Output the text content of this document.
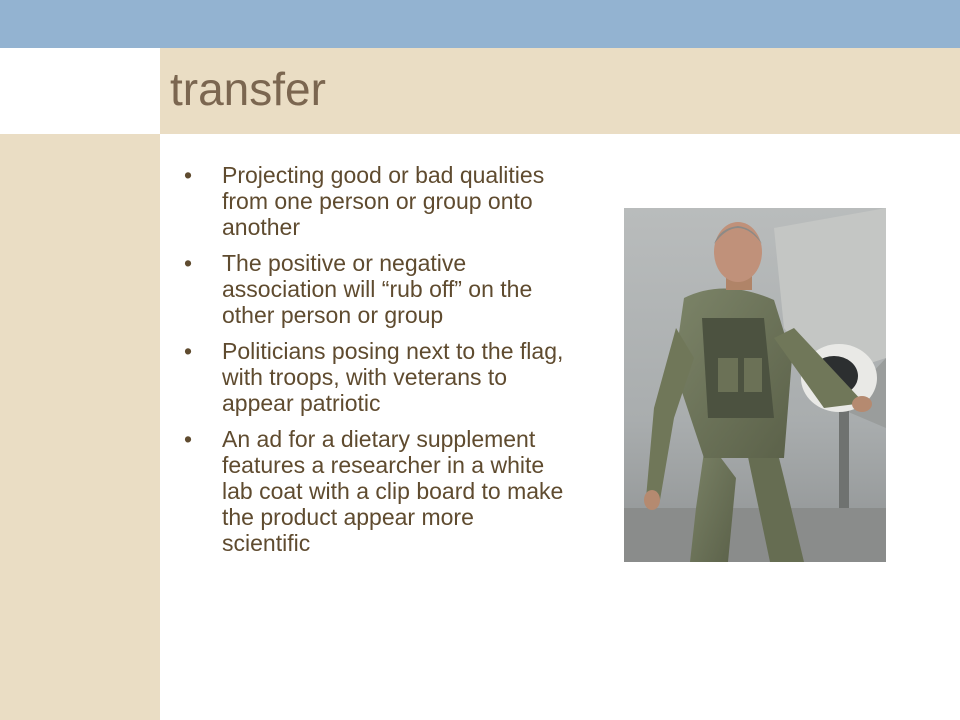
transfer
• Projecting good or bad qualities from one person or group onto another
• The positive or negative association will “rub off” on the other person or group
• Politicians posing next to the flag, with troops, with veterans to appear patriotic
• An ad for a dietary supplement features a researcher in a white lab coat with a clip board to make the product appear more scientific
